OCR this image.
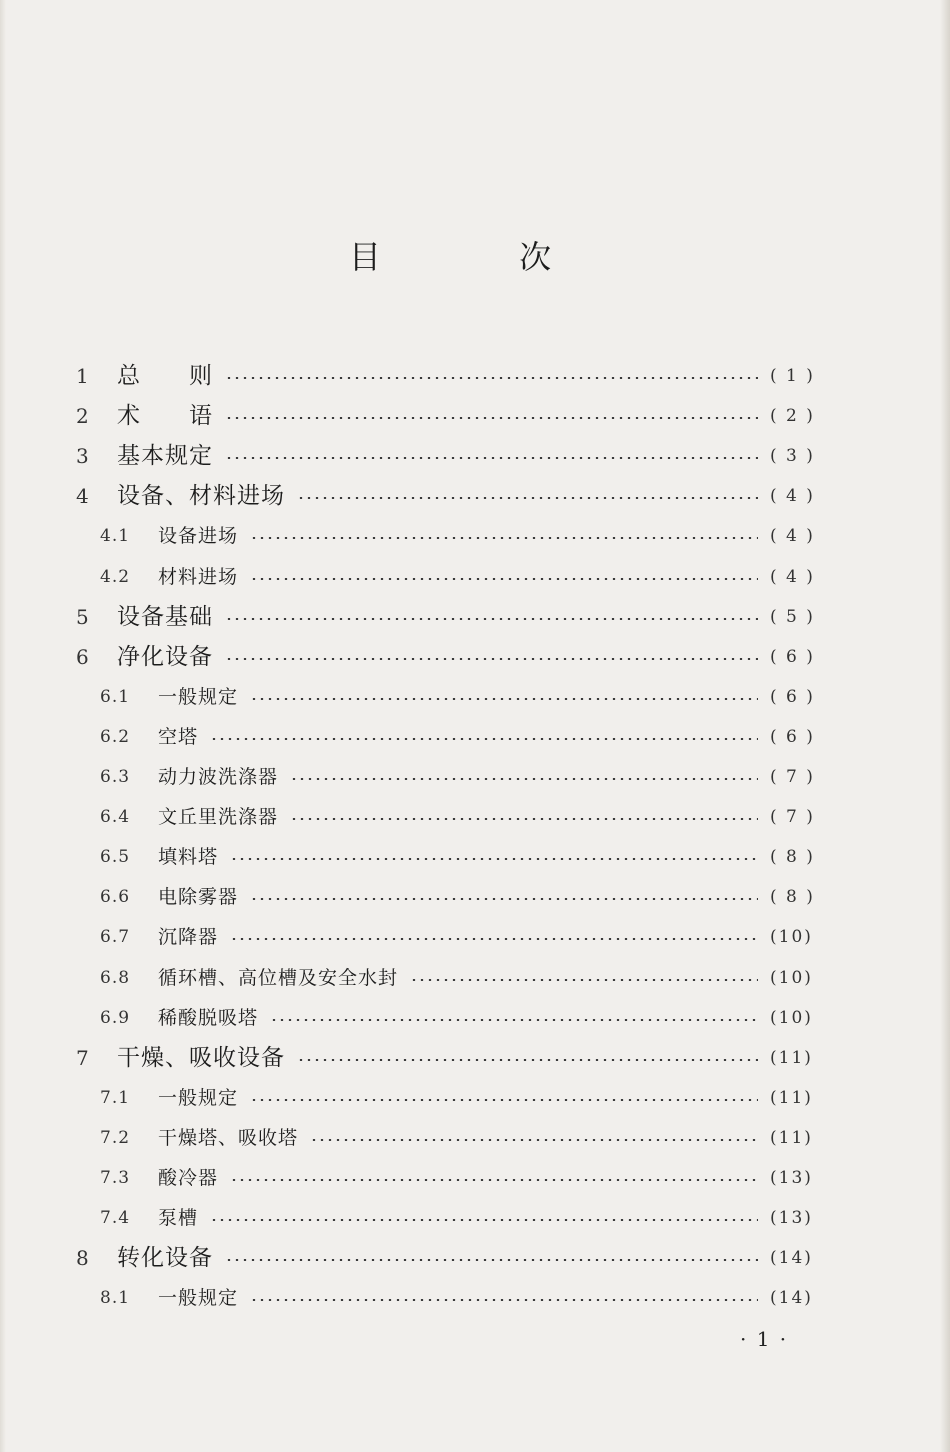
目 次
1 总　　则	( 1 )
2 术　　语	( 2 )
3 基本规定	( 3 )
4 设备、材料进场	( 4 )
4.1 设备进场	( 4 )
4.2 材料进场	( 4 )
5 设备基础	( 5 )
6 净化设备	( 6 )
6.1 一般规定	( 6 )
6.2 空塔	( 6 )
6.3 动力波洗涤器	( 7 )
6.4 文丘里洗涤器	( 7 )
6.5 填料塔	( 8 )
6.6 电除雾器	( 8 )
6.7 沉降器	(10)
6.8 循环槽、高位槽及安全水封	(10)
6.9 稀酸脱吸塔	(10)
7 干燥、吸收设备	(11)
7.1 一般规定	(11)
7.2 干燥塔、吸收塔	(11)
7.3 酸冷器	(13)
7.4 泵槽	(13)
8 转化设备	(14)
8.1 一般规定	(14)
· 1 ·
